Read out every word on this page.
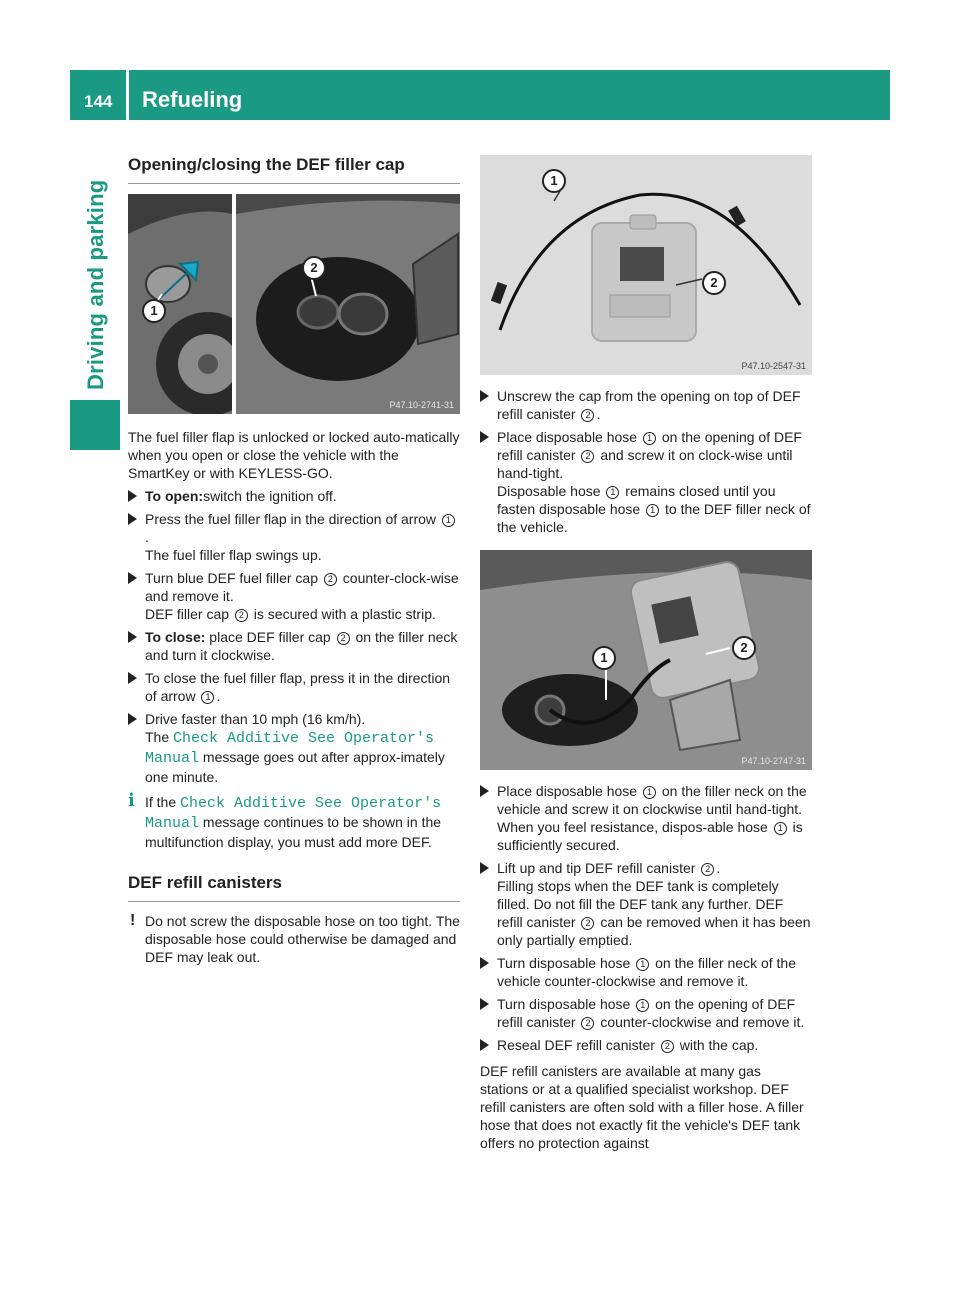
144 Refueling
Driving and parking
Opening/closing the DEF filler cap
1
2
P47.10-2741-31

The fuel filler flap is unlocked or locked auto-matically when you open or close the vehicle with the SmartKey or with KEYLESS-GO.

To open:switch the ignition off.
Press the fuel filler flap in the direction of arrow 1.
The fuel filler flap swings up.
Turn blue DEF fuel filler cap 2 counter-clock-wise and remove it.
DEF filler cap 2 is secured with a plastic strip.
To close: place DEF filler cap 2 on the filler neck and turn it clockwise.
To close the fuel filler flap, press it in the direction of arrow 1 .
Drive faster than 10 mph (16 km/h).
The Check Additive See Operator's Manual message goes out after approx-imately one minute.
i If the Check Additive See Operator's Manual message continues to be shown in the multifunction display, you must add more DEF.
DEF refill canisters
! Do not screw the disposable hose on too tight. The disposable hose could otherwise be damaged and DEF may leak out.
1
2
P47.10-2547-31
Unscrew the cap from the opening on top of DEF refill canister 2 .
Place disposable hose 1 on the opening of DEF refill canister 2 and screw it on clock-wise until hand-tight.
Disposable hose 1 remains closed until you fasten disposable hose 1 to the DEF filler neck of the vehicle.
1
2
P47.10-2747-31
Place disposable hose 1 on the filler neck on the vehicle and screw it on clockwise until hand-tight. When you feel resistance, dispos-able hose 1 is sufficiently secured.
Lift up and tip DEF refill canister 2 .
Filling stops when the DEF tank is completely filled. Do not fill the DEF tank any further. DEF refill canister 2 can be removed when it has been only partially emptied.
Turn disposable hose 1 on the filler neck of the vehicle counter-clockwise and remove it.
Turn disposable hose 1 on the opening of DEF refill canister 2 counter-clockwise and remove it.
Reseal DEF refill canister 2 with the cap.

DEF refill canisters are available at many gas stations or at a qualified specialist workshop. DEF refill canisters are often sold with a filler hose. A filler hose that does not exactly fit the vehicle's DEF tank offers no protection against
